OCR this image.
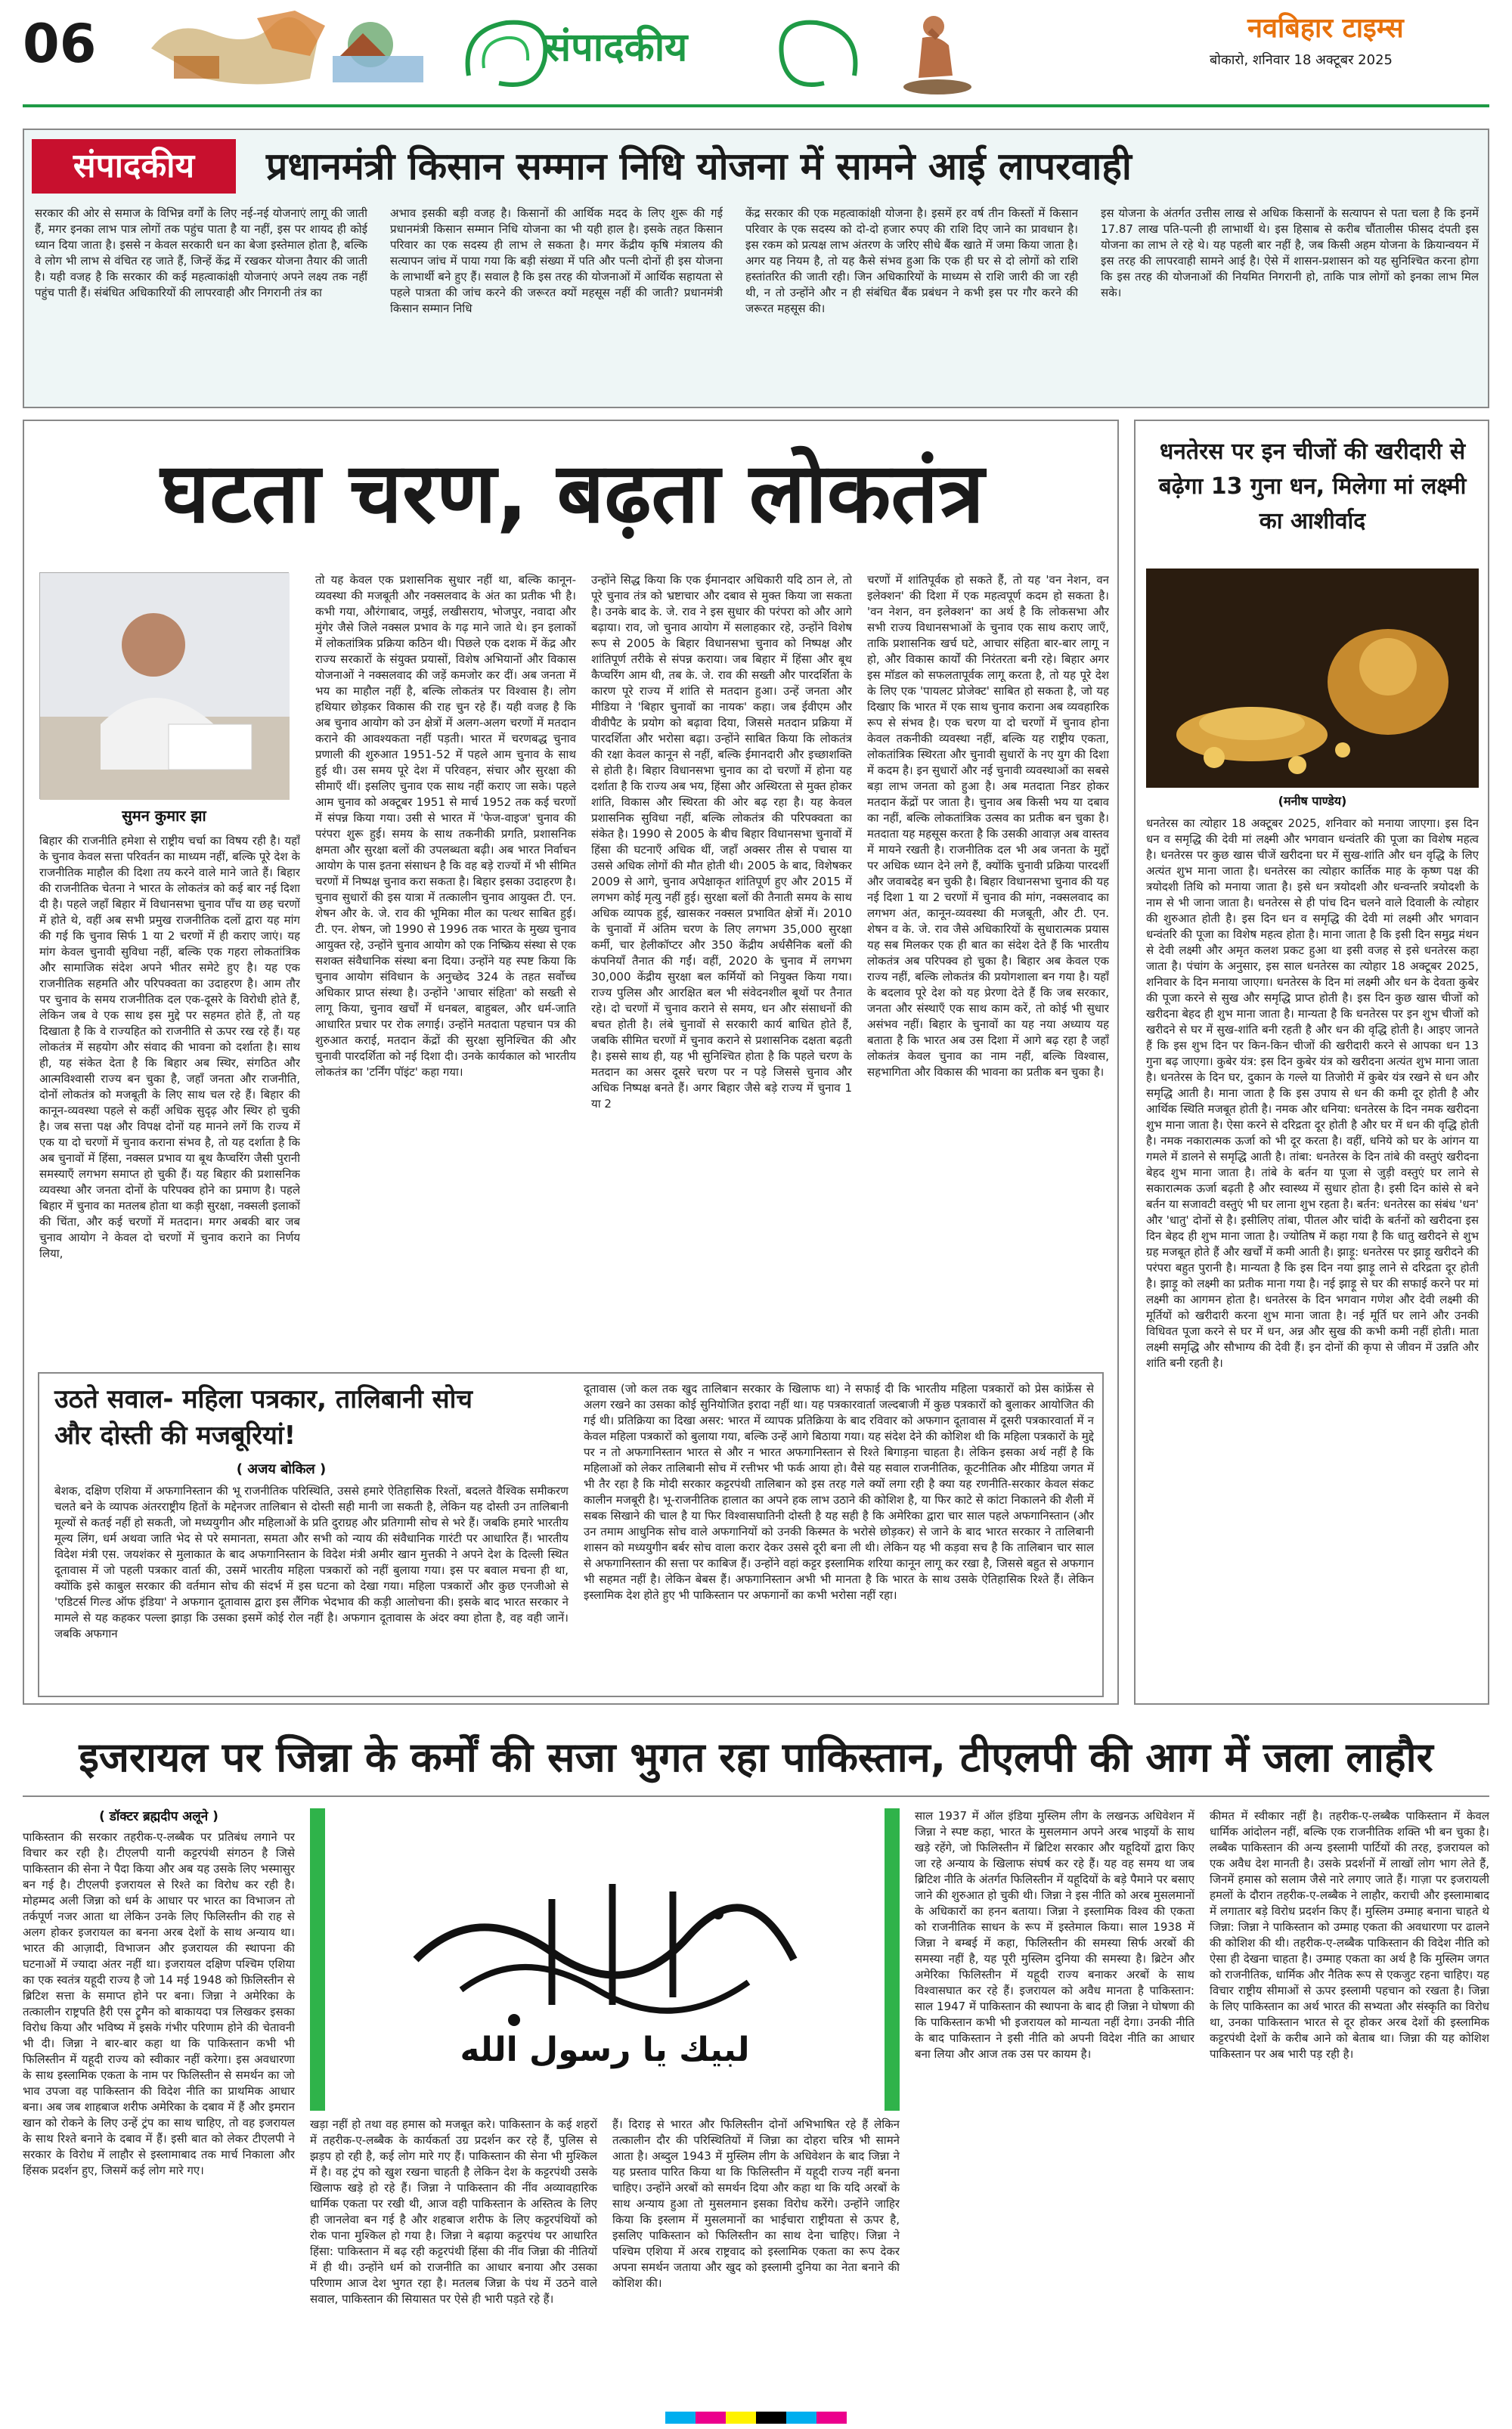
06	संपादकीय	नवबिहार टाइम्स
बोकारो, शनिवार 18 अक्टूबर 2025
संपादकीय	प्रधानमंत्री किसान सम्मान निधि योजना में सामने आई लापरवाही
सरकार की ओर से समाज के विभिन्न वर्गों के लिए नई-नई योजनाएं लागू की जाती हैं, मगर इनका लाभ पात्र लोगों तक पहुंच पाता है या नहीं, इस पर शायद ही कोई ध्यान दिया जाता है। इससे न केवल सरकारी धन का बेजा इस्तेमाल होता है, बल्कि वे लोग भी लाभ से वंचित रह जाते हैं, जिन्हें केंद्र में रखकर योजना तैयार की जाती है। यही वजह है कि सरकार की कई महत्वाकांक्षी योजनाएं अपने लक्ष्य तक नहीं पहुंच पाती हैं। संबंधित अधिकारियों की लापरवाही और निगरानी तंत्र का
अभाव इसकी बड़ी वजह है। किसानों की आर्थिक मदद के लिए शुरू की गई प्रधानमंत्री किसान सम्मान निधि योजना का भी यही हाल है। इसके तहत किसान परिवार का एक सदस्य ही लाभ ले सकता है। मगर केंद्रीय कृषि मंत्रालय की सत्यापन जांच में पाया गया कि बड़ी संख्या में पति और पत्नी दोनों ही इस योजना के लाभार्थी बने हुए हैं। सवाल है कि इस तरह की योजनाओं में आर्थिक सहायता से पहले पात्रता की जांच करने की जरूरत क्यों महसूस नहीं की जाती? प्रधानमंत्री किसान सम्मान निधि
केंद्र सरकार की एक महत्वाकांक्षी योजना है। इसमें हर वर्ष तीन किस्तों में किसान परिवार के एक सदस्य को दो-दो हजार रुपए की राशि दिए जाने का प्रावधान है। इस रकम को प्रत्यक्ष लाभ अंतरण के जरिए सीधे बैंक खाते में जमा किया जाता है। अगर यह नियम है, तो यह कैसे संभव हुआ कि एक ही घर से दो लोगों को राशि हस्तांतरित की जाती रही। जिन अधिकारियों के माध्यम से राशि जारी की जा रही थी, न तो उन्होंने और न ही संबंधित बैंक प्रबंधन ने कभी इस पर गौर करने की जरूरत महसूस की।
इस योजना के अंतर्गत उत्तीस लाख से अधिक किसानों के सत्यापन से पता चला है कि इनमें 17.87 लाख पति-पत्नी ही लाभार्थी थे। इस हिसाब से करीब चौंतालीस फीसद दंपती इस योजना का लाभ ले रहे थे। यह पहली बार नहीं है, जब किसी अहम योजना के क्रियान्वयन में इस तरह की लापरवाही सामने आई है। ऐसे में शासन-प्रशासन को यह सुनिश्चित करना होगा कि इस तरह की योजनाओं की नियमित निगरानी हो, ताकि पात्र लोगों को इनका लाभ मिल सके।
घटता चरण, बढ़ता लोकतंत्र
सुमन कुमार झा
बिहार की राजनीति हमेशा से राष्ट्रीय चर्चा का विषय रही है। यहाँ के चुनाव केवल सत्ता परिवर्तन का माध्यम नहीं, बल्कि पूरे देश के राजनीतिक माहौल की दिशा तय करने वाले माने जाते हैं। बिहार की राजनीतिक चेतना ने भारत के लोकतंत्र को कई बार नई दिशा दी है। पहले जहाँ बिहार में विधानसभा चुनाव पाँच या छह चरणों में होते थे, वहीं अब सभी प्रमुख राजनीतिक दलों द्वारा यह मांग की गई कि चुनाव सिर्फ 1 या 2 चरणों में ही कराए जाएं। यह मांग केवल चुनावी सुविधा नहीं, बल्कि एक गहरा लोकतांत्रिक और सामाजिक संदेश अपने भीतर समेटे हुए है। यह एक राजनीतिक सहमति और परिपक्वता का उदाहरण है। आम तौर पर चुनाव के समय राजनीतिक दल एक-दूसरे के विरोधी होते हैं, लेकिन जब वे एक साथ इस मुद्दे पर सहमत होते हैं, तो यह दिखाता है कि वे राज्यहित को राजनीति से ऊपर रख रहे हैं। यह लोकतंत्र में सहयोग और संवाद की भावना को दर्शाता है। साथ ही, यह संकेत देता है कि बिहार अब स्थिर, संगठित और आत्मविश्वासी राज्य बन चुका है, जहाँ जनता और राजनीति, दोनों लोकतंत्र को मजबूती के लिए साथ चल रहे हैं। बिहार की कानून-व्यवस्था पहले से कहीं अधिक सुदृढ़ और स्थिर हो चुकी है। जब सत्ता पक्ष और विपक्ष दोनों यह मानने लगें कि राज्य में एक या दो चरणों में चुनाव कराना संभव है, तो यह दर्शाता है कि अब चुनावों में हिंसा, नक्सल प्रभाव या बूथ कैप्चरिंग जैसी पुरानी समस्याएँ लगभग समाप्त हो चुकी हैं। यह बिहार की प्रशासनिक व्यवस्था और जनता दोनों के परिपक्व होने का प्रमाण है। पहले बिहार में चुनाव का मतलब होता था कड़ी सुरक्षा, नक्सली इलाकों की चिंता, और कई चरणों में मतदान। मगर अबकी बार जब चुनाव आयोग ने केवल दो चरणों में चुनाव कराने का निर्णय लिया,
तो यह केवल एक प्रशासनिक सुधार नहीं था, बल्कि कानून-व्यवस्था की मजबूती और नक्सलवाद के अंत का प्रतीक भी है। कभी गया, औरंगाबाद, जमुई, लखीसराय, भोजपुर, नवादा और मुंगेर जैसे जिले नक्सल प्रभाव के गढ़ माने जाते थे। इन इलाकों में लोकतांत्रिक प्रक्रिया कठिन थी। पिछले एक दशक में केंद्र और राज्य सरकारों के संयुक्त प्रयासों, विशेष अभियानों और विकास योजनाओं ने नक्सलवाद की जड़ें कमजोर कर दीं। अब जनता में भय का माहौल नहीं है, बल्कि लोकतंत्र पर विश्वास है। लोग हथियार छोड़कर विकास की राह चुन रहे हैं। यही वजह है कि अब चुनाव आयोग को उन क्षेत्रों में अलग-अलग चरणों में मतदान कराने की आवश्यकता नहीं पड़ती। भारत में चरणबद्ध चुनाव प्रणाली की शुरुआत 1951-52 में पहले आम चुनाव के साथ हुई थी। उस समय पूरे देश में परिवहन, संचार और सुरक्षा की सीमाएँ थीं। इसलिए चुनाव एक साथ नहीं कराए जा सके। पहले आम चुनाव को अक्टूबर 1951 से मार्च 1952 तक कई चरणों में संपन्न किया गया। उसी से भारत में 'फेज-वाइज' चुनाव की परंपरा शुरू हुई। समय के साथ तकनीकी प्रगति, प्रशासनिक क्षमता और सुरक्षा बलों की उपलब्धता बढ़ी। अब भारत निर्वाचन आयोग के पास इतना संसाधन है कि वह बड़े राज्यों में भी सीमित चरणों में निष्पक्ष चुनाव करा सकता है। बिहार इसका उदाहरण है। चुनाव सुधारों की इस यात्रा में तत्कालीन चुनाव आयुक्त टी. एन. शेषन और के. जे. राव की भूमिका मील का पत्थर साबित हुई। टी. एन. शेषन, जो 1990 से 1996 तक भारत के मुख्य चुनाव आयुक्त रहे, उन्होंने चुनाव आयोग को एक निष्क्रिय संस्था से एक सशक्त संवैधानिक संस्था बना दिया। उन्होंने यह स्पष्ट किया कि चुनाव आयोग संविधान के अनुच्छेद 324 के तहत सर्वोच्च अधिकार प्राप्त संस्था है। उन्होंने 'आचार संहिता' को सख्ती से लागू किया, चुनाव खर्चों में धनबल, बाहुबल, और धर्म-जाति आधारित प्रचार पर रोक लगाई। उन्होंने मतदाता पहचान पत्र की शुरुआत कराई, मतदान केंद्रों की सुरक्षा सुनिश्चित की और चुनावी पारदर्शिता को नई दिशा दी। उनके कार्यकाल को भारतीय लोकतंत्र का 'टर्निंग पॉइंट' कहा गया।
उन्होंने सिद्ध किया कि एक ईमानदार अधिकारी यदि ठान ले, तो पूरे चुनाव तंत्र को भ्रष्टाचार और दबाव से मुक्त किया जा सकता है। उनके बाद के. जे. राव ने इस सुधार की परंपरा को और आगे बढ़ाया। राव, जो चुनाव आयोग में सलाहकार रहे, उन्होंने विशेष रूप से 2005 के बिहार विधानसभा चुनाव को निष्पक्ष और शांतिपूर्ण तरीके से संपन्न कराया। जब बिहार में हिंसा और बूथ कैप्चरिंग आम थी, तब के. जे. राव की सख्ती और पारदर्शिता के कारण पूरे राज्य में शांति से मतदान हुआ। उन्हें जनता और मीडिया ने 'बिहार चुनावों का नायक' कहा। जब ईवीएम और वीवीपैट के प्रयोग को बढ़ावा दिया, जिससे मतदान प्रक्रिया में पारदर्शिता और भरोसा बढ़ा। उन्होंने साबित किया कि लोकतंत्र की रक्षा केवल कानून से नहीं, बल्कि ईमानदारी और इच्छाशक्ति से होती है। बिहार विधानसभा चुनाव का दो चरणों में होना यह दर्शाता है कि राज्य अब भय, हिंसा और अस्थिरता से मुक्त होकर शांति, विकास और स्थिरता की ओर बढ़ रहा है। यह केवल प्रशासनिक सुविधा नहीं, बल्कि लोकतंत्र की परिपक्वता का संकेत है। 1990 से 2005 के बीच बिहार विधानसभा चुनावों में हिंसा की घटनाएँ अधिक थीं, जहाँ अक्सर तीस से पचास या उससे अधिक लोगों की मौत होती थी। 2005 के बाद, विशेषकर 2009 से आगे, चुनाव अपेक्षाकृत शांतिपूर्ण हुए और 2015 में लगभग कोई मृत्यु नहीं हुई। सुरक्षा बलों की तैनाती समय के साथ अधिक व्यापक हुई, खासकर नक्सल प्रभावित क्षेत्रों में। 2010 के चुनावों में अंतिम चरण के लिए लगभग 35,000 सुरक्षा कर्मी, चार हेलीकॉप्टर और 350 केंद्रीय अर्धसैनिक बलों की कंपनियाँ तैनात की गईं। वहीं, 2020 के चुनाव में लगभग 30,000 केंद्रीय सुरक्षा बल कर्मियों को नियुक्त किया गया। राज्य पुलिस और आरक्षित बल भी संवेदनशील बूथों पर तैनात रहे। दो चरणों में चुनाव कराने से समय, धन और संसाधनों की बचत होती है। लंबे चुनावों से सरकारी कार्य बाधित होते हैं, जबकि सीमित चरणों में चुनाव कराने से प्रशासनिक दक्षता बढ़ती है। इससे साथ ही, यह भी सुनिश्चित होता है कि पहले चरण के मतदान का असर दूसरे चरण पर न पड़े जिससे चुनाव और अधिक निष्पक्ष बनते हैं। अगर बिहार जैसे बड़े राज्य में चुनाव 1 या 2
चरणों में शांतिपूर्वक हो सकते हैं, तो यह 'वन नेशन, वन इलेक्शन' की दिशा में एक महत्वपूर्ण कदम हो सकता है। 'वन नेशन, वन इलेक्शन' का अर्थ है कि लोकसभा और सभी राज्य विधानसभाओं के चुनाव एक साथ कराए जाएँ, ताकि प्रशासनिक खर्च घटे, आचार संहिता बार-बार लागू न हो, और विकास कार्यों की निरंतरता बनी रहे। बिहार अगर इस मॉडल को सफलतापूर्वक लागू करता है, तो यह पूरे देश के लिए एक 'पायलट प्रोजेक्ट' साबित हो सकता है, जो यह दिखाए कि भारत में एक साथ चुनाव कराना अब व्यवहारिक रूप से संभव है। एक चरण या दो चरणों में चुनाव होना केवल तकनीकी व्यवस्था नहीं, बल्कि यह राष्ट्रीय एकता, लोकतांत्रिक स्थिरता और चुनावी सुधारों के नए युग की दिशा में कदम है। इन सुधारों और नई चुनावी व्यवस्थाओं का सबसे बड़ा लाभ जनता को हुआ है। अब मतदाता निडर होकर मतदान केंद्रों पर जाता है। चुनाव अब किसी भय या दबाव का नहीं, बल्कि लोकतांत्रिक उत्सव का प्रतीक बन चुका है। मतदाता यह महसूस करता है कि उसकी आवाज़ अब वास्तव में मायने रखती है। राजनीतिक दल भी अब जनता के मुद्दों पर अधिक ध्यान देने लगे हैं, क्योंकि चुनावी प्रक्रिया पारदर्शी और जवाबदेह बन चुकी है। बिहार विधानसभा चुनाव की यह नई दिशा 1 या 2 चरणों में चुनाव की मांग, नक्सलवाद का लगभग अंत, कानून-व्यवस्था की मजबूती, और टी. एन. शेषन व के. जे. राव जैसे अधिकारियों के सुधारात्मक प्रयास यह सब मिलकर एक ही बात का संदेश देते हैं कि भारतीय लोकतंत्र अब परिपक्व हो चुका है। बिहार अब केवल एक राज्य नहीं, बल्कि लोकतंत्र की प्रयोगशाला बन गया है। यहाँ के बदलाव पूरे देश को यह प्रेरणा देते हैं कि जब सरकार, जनता और संस्थाएँ एक साथ काम करें, तो कोई भी सुधार असंभव नहीं। बिहार के चुनावों का यह नया अध्याय यह बताता है कि भारत अब उस दिशा में आगे बढ़ रहा है जहाँ लोकतंत्र केवल चुनाव का नाम नहीं, बल्कि विश्वास, सहभागिता और विकास की भावना का प्रतीक बन चुका है।
उठते सवाल- महिला पत्रकार, तालिबानी सोच और दोस्ती की मजबूरियां!
( अजय बोकिल )
बेशक, दक्षिण एशिया में अफगानिस्तान की भू राजनीतिक परिस्थिति, उससे हमारे ऐतिहासिक रिश्तों, बदलते वैश्विक समीकरण चलते बने के व्यापक अंतरराष्ट्रीय हितों के मद्देनजर तालिबान से दोस्ती सही मानी जा सकती है, लेकिन यह दोस्ती उन तालिबानी मूल्यों से कतई नहीं हो सकती, जो मध्ययुगीन और महिलाओं के प्रति दुराग्रह और प्रतिगामी सोच से भरे हैं। जबकि हमारे भारतीय मूल्य लिंग, धर्म अथवा जाति भेद से परे समानता, समता और सभी को न्याय की संवैधानिक गारंटी पर आधारित हैं। भारतीय विदेश मंत्री एस. जयशंकर से मुलाकात के बाद अफगानिस्तान के विदेश मंत्री अमीर खान मुत्तकी ने अपने देश के दिल्ली स्थित दूतावास में जो पहली पत्रकार वार्ता की, उसमें भारतीय महिला पत्रकारों को नहीं बुलाया गया। इस पर बवाल मचना ही था, क्योंकि इसे काबुल सरकार की वर्तमान सोच की संदर्भ में इस घटना को देखा गया। महिला पत्रकारों और कुछ एनजीओ से 'एडिटर्स गिल्ड ऑफ इंडिया' ने अफगान दूतावास द्वारा इस लैंगिक भेदभाव की कड़ी आलोचना की। इसके बाद भारत सरकार ने मामले से यह कहकर पल्ला झाड़ा कि उसका इसमें कोई रोल नहीं है। अफगान दूतावास के अंदर क्या होता है, वह वही जानें। जबकि अफगान
दूतावास (जो कल तक खुद तालिबान सरकार के खिलाफ था) ने सफाई दी कि भारतीय महिला पत्रकारों को प्रेस कांफ्रेंस से अलग रखने का उसका कोई सुनियोजित इरादा नहीं था। यह पत्रकारवार्ता जल्दबाजी में कुछ पत्रकारों को बुलाकर आयोजित की गई थी। प्रतिक्रिया का दिखा असर: भारत में व्यापक प्रतिक्रिया के बाद रविवार को अफगान दूतावास में दूसरी पत्रकारवार्ता में न केवल महिला पत्रकारों को बुलाया गया, बल्कि उन्हें आगे बिठाया गया। यह संदेश देने की कोशिश थी कि महिला पत्रकारों के मुद्दे पर न तो अफगानिस्तान भारत से और न भारत अफगानिस्तान से रिश्ते बिगाड़ना चाहता है। लेकिन इसका अर्थ नहीं है कि महिलाओं को लेकर तालिबानी सोच में रत्तीभर भी फर्क आया हो। वैसे यह सवाल राजनीतिक, कूटनीतिक और मीडिया जगत में भी तैर रहा है कि मोदी सरकार कट्टरपंथी तालिबान को इस तरह गले क्यों लगा रही है क्या यह रणनीति-सरकार केवल संकट कालीन मजबूरी है। भू-राजनीतिक हालात का अपने हक लाभ उठाने की कोशिश है, या फिर काटे से कांटा निकालने की शैली में सबक सिखाने की चाल है या फिर विश्वासघातिनी दोस्ती है यह सही है कि अमेरिका द्वारा चार साल पहले अफगानिस्तान (और उन तमाम आधुनिक सोच वाले अफगानियों को उनकी किस्मत के भरोसे छोड़कर) से जाने के बाद भारत सरकार ने तालिबानी शासन को मध्ययुगीन बर्बर सोच वाला करार देकर उससे दूरी बना ली थी। लेकिन यह भी कड़वा सच है कि तालिबान चार साल से अफगानिस्तान की सत्ता पर काबिज हैं। उन्होंने वहां कट्टर इस्लामिक शरिया कानून लागू कर रखा है, जिससे बहुत से अफगान भी सहमत नहीं है। लेकिन बेबस हैं। अफगानिस्तान अभी भी मानता है कि भारत के साथ उसके ऐतिहासिक रिश्ते हैं। लेकिन इस्लामिक देश होते हुए भी पाकिस्तान पर अफगानों का कभी भरोसा नहीं रहा।
धनतेरस पर इन चीजों की खरीदारी से बढ़ेगा 13 गुना धन, मिलेगा मां लक्ष्मी का आशीर्वाद
(मनीष पाण्डेय)
धनतेरस का त्योहार 18 अक्टूबर 2025, शनिवार को मनाया जाएगा। इस दिन धन व समृद्धि की देवी मां लक्ष्मी और भगवान धन्वंतरि की पूजा का विशेष महत्व है। धनतेरस पर कुछ खास चीजें खरीदना घर में सुख-शांति और धन वृद्धि के लिए अत्यंत शुभ माना जाता है। धनतेरस का त्योहार कार्तिक माह के कृष्ण पक्ष की त्रयोदशी तिथि को मनाया जाता है। इसे धन त्रयोदशी और धन्वन्तरि त्रयोदशी के नाम से भी जाना जाता है। धनतेरस से ही पांच दिन चलने वाले दिवाली के त्योहार की शुरुआत होती है। इस दिन धन व समृद्धि की देवी मां लक्ष्मी और भगवान धन्वंतरि की पूजा का विशेष महत्व होता है। माना जाता है कि इसी दिन समुद्र मंथन से देवी लक्ष्मी और अमृत कलश प्रकट हुआ था इसी वजह से इसे धनतेरस कहा जाता है। पंचांग के अनुसार, इस साल धनतेरस का त्योहार 18 अक्टूबर 2025, शनिवार के दिन मनाया जाएगा। धनतेरस के दिन मां लक्ष्मी और धन के देवता कुबेर की पूजा करने से सुख और समृद्धि प्राप्त होती है। इस दिन कुछ खास चीजों को खरीदना बेहद ही शुभ माना जाता है। मान्यता है कि धनतेरस पर इन शुभ चीजों को खरीदने से घर में सुख-शांति बनी रहती है और धन की वृद्धि होती है। आइए जानते हैं कि इस शुभ दिन पर किन-किन चीजों की खरीदारी करने से आपका धन 13 गुना बढ़ जाएगा। कुबेर यंत्र: इस दिन कुबेर यंत्र को खरीदना अत्यंत शुभ माना जाता है। धनतेरस के दिन घर, दुकान के गल्ले या तिजोरी में कुबेर यंत्र रखने से धन और समृद्धि आती है। माना जाता है कि इस उपाय से धन की कमी दूर होती है और आर्थिक स्थिति मजबूत होती है। नमक और धनिया: धनतेरस के दिन नमक खरीदना शुभ माना जाता है। ऐसा करने से दरिद्रता दूर होती है और घर में धन की वृद्धि होती है। नमक नकारात्मक ऊर्जा को भी दूर करता है। वहीं, धनिये को घर के आंगन या गमले में डालने से समृद्धि आती है। तांबा: धनतेरस के दिन तांबे की वस्तुएं खरीदना बेहद शुभ माना जाता है। तांबे के बर्तन या पूजा से जुड़ी वस्तुएं घर लाने से सकारात्मक ऊर्जा बढ़ती है और स्वास्थ्य में सुधार होता है। इसी दिन कांसे से बने बर्तन या सजावटी वस्तुएं भी घर लाना शुभ रहता है। बर्तन: धनतेरस का संबंध 'धन' और 'धातु' दोनों से है। इसीलिए तांबा, पीतल और चांदी के बर्तनों को खरीदना इस दिन बेहद ही शुभ माना जाता है। ज्योतिष में कहा गया है कि धातु खरीदने से शुभ ग्रह मजबूत होते हैं और खर्चों में कमी आती है। झाड़ू: धनतेरस पर झाड़ू खरीदने की परंपरा बहुत पुरानी है। मान्यता है कि इस दिन नया झाड़ू लाने से दरिद्रता दूर होती है। झाड़ू को लक्ष्मी का प्रतीक माना गया है। नई झाड़ू से घर की सफाई करने पर मां लक्ष्मी का आगमन होता है। धनतेरस के दिन भगवान गणेश और देवी लक्ष्मी की मूर्तियों को खरीदारी करना शुभ माना जाता है। नई मूर्ति घर लाने और उनकी विधिवत पूजा करने से घर में धन, अन्न और सुख की कभी कमी नहीं होती। माता लक्ष्मी समृद्धि और सौभाग्य की देवी हैं। इन दोनों की कृपा से जीवन में उन्नति और शांति बनी रहती है।
इजरायल पर जिन्ना के कर्मों की सजा भुगत रहा पाकिस्तान, टीएलपी की आग में जला लाहौर
( डॉक्टर ब्रह्मदीप अलूने )
पाकिस्तान की सरकार तहरीक-ए-लब्बैक पर प्रतिबंध लगाने पर विचार कर रही है। टीएलपी यानी कट्टरपंथी संगठन है जिसे पाकिस्तान की सेना ने पैदा किया और अब यह उसके लिए भस्मासुर बन गई है। टीएलपी इजरायल से रिश्ते का विरोध कर रही है। मोहम्मद अली जिन्ना को धर्म के आधार पर भारत का विभाजन तो तर्कपूर्ण नजर आता था लेकिन उनके लिए फिलिस्तीन की राह से अलग होकर इजरायल का बनना अरब देशों के साथ अन्याय था। भारत की आज़ादी, विभाजन और इजरायल की स्थापना की घटनाओं में ज्यादा अंतर नहीं था। इजरायल दक्षिण पश्चिम एशिया का एक स्वतंत्र यहूदी राज्य है जो 14 मई 1948 को फ़िलिस्तीन से ब्रिटिश सत्ता के समाप्त होने पर बना। जिन्ना ने अमेरिका के तत्कालीन राष्ट्रपति हैरी एस ट्रूमैन को बाकायदा पत्र लिखकर इसका विरोध किया और भविष्य में इसके गंभीर परिणाम होने की चेतावनी भी दी। जिन्ना ने बार-बार कहा था कि पाकिस्तान कभी भी फिलिस्तीन में यहूदी राज्य को स्वीकार नहीं करेगा। इस अवधारणा के साथ इस्लामिक एकता के नाम पर फिलिस्तीन से समर्थन का जो भाव उपजा वह पाकिस्तान की विदेश नीति का प्राथमिक आधार बना। अब जब शाहबाज शरीफ अमेरिका के दबाव में हैं और इमरान खान को रोकने के लिए उन्हें ट्रंप का साथ चाहिए, तो वह इजरायल के साथ रिश्ते बनाने के दबाव में हैं। इसी बात को लेकर टीएलपी ने सरकार के विरोध में लाहौर से इस्लामाबाद तक मार्च निकाला और हिंसक प्रदर्शन हुए, जिसमें कई लोग मारे गए।
لبيك يا رسول الله
खड़ा नहीं हो तथा वह हमास को मजबूत करे। पाकिस्तान के कई शहरों में तहरीक-ए-लब्बैक के कार्यकर्ता उग्र प्रदर्शन कर रहे हैं, पुलिस से झड़प हो रही है, कई लोग मारे गए हैं। पाकिस्तान की सेना भी मुश्किल में है। वह ट्रंप को खुश रखना चाहती है लेकिन देश के कट्टरपंथी उसके खिलाफ खड़े हो रहे हैं। जिन्ना ने पाकिस्तान की नींव अव्यावहारिक धार्मिक एकता पर रखी थी, आज वही पाकिस्तान के अस्तित्व के लिए ही जानलेवा बन गई है और शहबाज शरीफ के लिए कट्टरपंथियों को रोक पाना मुश्किल हो गया है। जिन्ना ने बढ़ाया कट्टरपंथ पर आधारित हिंसा: पाकिस्तान में बढ़ रही कट्टरपंथी हिंसा की नींव जिन्ना की नीतियों में ही थी। उन्होंने धर्म को राजनीति का आधार बनाया और उसका परिणाम आज देश भुगत रहा है। मतलब जिन्ना के पंथ में उठने वाले सवाल, पाकिस्तान की सियासत पर ऐसे ही भारी पड़ते रहे हैं।
हैं। दिराइ से भारत और फिलिस्तीन दोनों अभिभाषित रहे हैं लेकिन तत्कालीन दौर की परिस्थितियों में जिन्ना का दोहरा चरित्र भी सामने आता है। अब्दुल 1943 में मुस्लिम लीग के अधिवेशन के बाद जिन्ना ने यह प्रस्ताव पारित किया था कि फिलिस्तीन में यहूदी राज्य नहीं बनना चाहिए। उन्होंने अरबों को समर्थन दिया और कहा था कि यदि अरबों के साथ अन्याय हुआ तो मुसलमान इसका विरोध करेंगे। उन्होंने जाहिर किया कि इस्लाम में मुसलमानों का भाईचारा राष्ट्रीयता से ऊपर है, इसलिए पाकिस्तान को फिलिस्तीन का साथ देना चाहिए। जिन्ना ने पश्चिम एशिया में अरब राष्ट्रवाद को इस्लामिक एकता का रूप देकर अपना समर्थन जताया और खुद को इस्लामी दुनिया का नेता बनाने की कोशिश की।
साल 1937 में ऑल इंडिया मुस्लिम लीग के लखनऊ अधिवेशन में जिन्ना ने स्पष्ट कहा, भारत के मुसलमान अपने अरब भाइयों के साथ खड़े रहेंगे, जो फिलिस्तीन में ब्रिटिश सरकार और यहूदियों द्वारा किए जा रहे अन्याय के खिलाफ संघर्ष कर रहे हैं। यह वह समय था जब ब्रिटिश नीति के अंतर्गत फिलिस्तीन में यहूदियों के बड़े पैमाने पर बसाए जाने की शुरुआत हो चुकी थी। जिन्ना ने इस नीति को अरब मुसलमानों के अधिकारों का हनन बताया। जिन्ना ने इस्लामिक विश्व की एकता को राजनीतिक साधन के रूप में इस्तेमाल किया। साल 1938 में जिन्ना ने बम्बई में कहा, फिलिस्तीन की समस्या सिर्फ अरबों की समस्या नहीं है, यह पूरी मुस्लिम दुनिया की समस्या है। ब्रिटेन और अमेरिका फिलिस्तीन में यहूदी राज्य बनाकर अरबों के साथ विश्वासघात कर रहे हैं। इजरायल को अवैध मानता है पाकिस्तान: साल 1947 में पाकिस्तान की स्थापना के बाद ही जिन्ना ने घोषणा की कि पाकिस्तान कभी भी इजरायल को मान्यता नहीं देगा। उनकी नीति के बाद पाकिस्तान ने इसी नीति को अपनी विदेश नीति का आधार बना लिया और आज तक उस पर कायम है।
कीमत में स्वीकार नहीं है। तहरीक-ए-लब्बैक पाकिस्तान में केवल धार्मिक आंदोलन नहीं, बल्कि एक राजनीतिक शक्ति भी बन चुका है। लब्बैक पाकिस्तान की अन्य इस्लामी पार्टियों की तरह, इजरायल को एक अवैध देश मानती है। उसके प्रदर्शनों में लाखों लोग भाग लेते हैं, जिनमें हमास को सलाम जैसे नारे लगाए जाते हैं। गाज़ा पर इजरायली हमलों के दौरान तहरीक-ए-लब्बैक ने लाहौर, कराची और इस्लामाबाद में लगातार बड़े विरोध प्रदर्शन किए हैं। मुस्लिम उम्माह बनाना चाहते थे जिन्ना: जिन्ना ने पाकिस्तान को उम्माह एकता की अवधारणा पर ढालने की कोशिश की थी। तहरीक-ए-लब्बैक पाकिस्तान की विदेश नीति को ऐसा ही देखना चाहता है। उम्माह एकता का अर्थ है कि मुस्लिम जगत को राजनीतिक, धार्मिक और नैतिक रूप से एकजुट रहना चाहिए। यह विचार राष्ट्रीय सीमाओं से ऊपर इस्लामी पहचान को रखता है। जिन्ना के लिए पाकिस्तान का अर्थ भारत की सभ्यता और संस्कृति का विरोध था, उनका पाकिस्तान भारत से दूर होकर अरब देशों की इस्लामिक कट्टरपंथी देशों के करीब आने को बेताब था। जिन्ना की यह कोशिश पाकिस्तान पर अब भारी पड़ रही है।
